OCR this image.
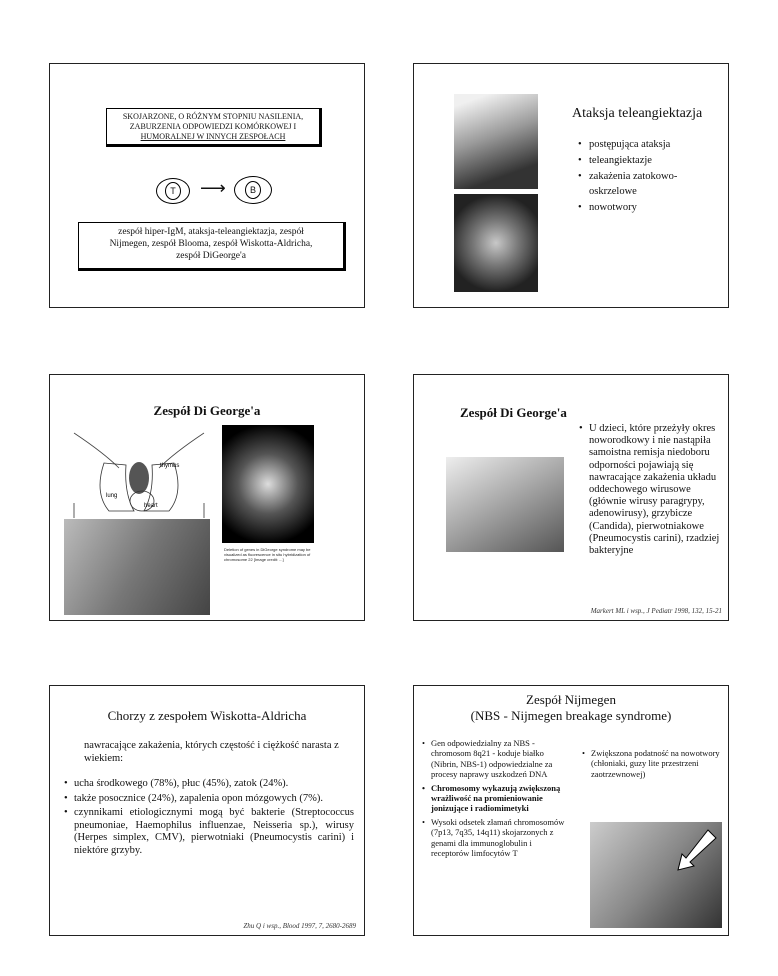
SKOJARZONE, O RÓŻNYM STOPNIU NASILENIA,
ZABURZENIA ODPOWIEDZI KOMÓRKOWEJ I
HUMORALNEJ W INNYCH ZESPOŁACH
T ⟶	B
zespół hiper-IgM, ataksja-teleangiektazja, zespół
Nijmegen, zespół Blooma, zespół Wiskotta-Aldricha,
zespół DiGeorge'a
Ataksja teleangiektazja
• postępująca ataksja
• teleangiektazje
• zakażenia zatokowo-oskrzelowe
• nowotwory
Zespół Di George'a
thymus
lung
heart
Deletion of genes in DiGeorge syndrome may be visualized as fluorescence in situ hybridization of chromosome 22 [Image credit: ...]
Zespół Di George'a
• U dzieci, które przeżyły okres noworodkowy i nie nastąpiła samoistna remisja niedoboru odporności pojawiają się nawracające zakażenia układu oddechowego wirusowe (głównie wirusy paragrypy, adenowirusy), grzybicze (Candida), pierwotniakowe (Pneumocystis carini), rzadziej bakteryjne
Markert ML i wsp., J Pediatr 1998, 132, 15-21
Chorzy z zespołem Wiskotta-Aldricha
nawracające zakażenia, których częstość i ciężkość narasta z wiekiem:
• ucha środkowego (78%), płuc (45%), zatok (24%).
• także posocznice (24%), zapalenia opon mózgowych (7%).
• czynnikami etiologicznymi mogą być bakterie (Streptococcus pneumoniae, Haemophilus influenzae, Neisseria sp.), wirusy (Herpes simplex, CMV), pierwotniaki (Pneumocystis carini) i niektóre grzyby.
Zhu Q i wsp., Blood 1997, 7, 2680-2689
Zespół Nijmegen
(NBS - Nijmegen breakage syndrome)
• Gen odpowiedzialny za NBS - chromosom 8q21 - koduje białko (Nibrin, NBS-1) odpowiedzialne za procesy naprawy uszkodzeń DNA
• Chromosomy wykazują zwiększoną wrażliwość na promieniowanie jonizujące i radiomimetyki
• Wysoki odsetek złamań chromosomów (7p13, 7q35, 14q11) skojarzonych z genami dla immunoglobulin i receptorów limfocytów T
• Zwiększona podatność na nowotwory (chłoniaki, guzy lite przestrzeni zaotrzewnowej)
